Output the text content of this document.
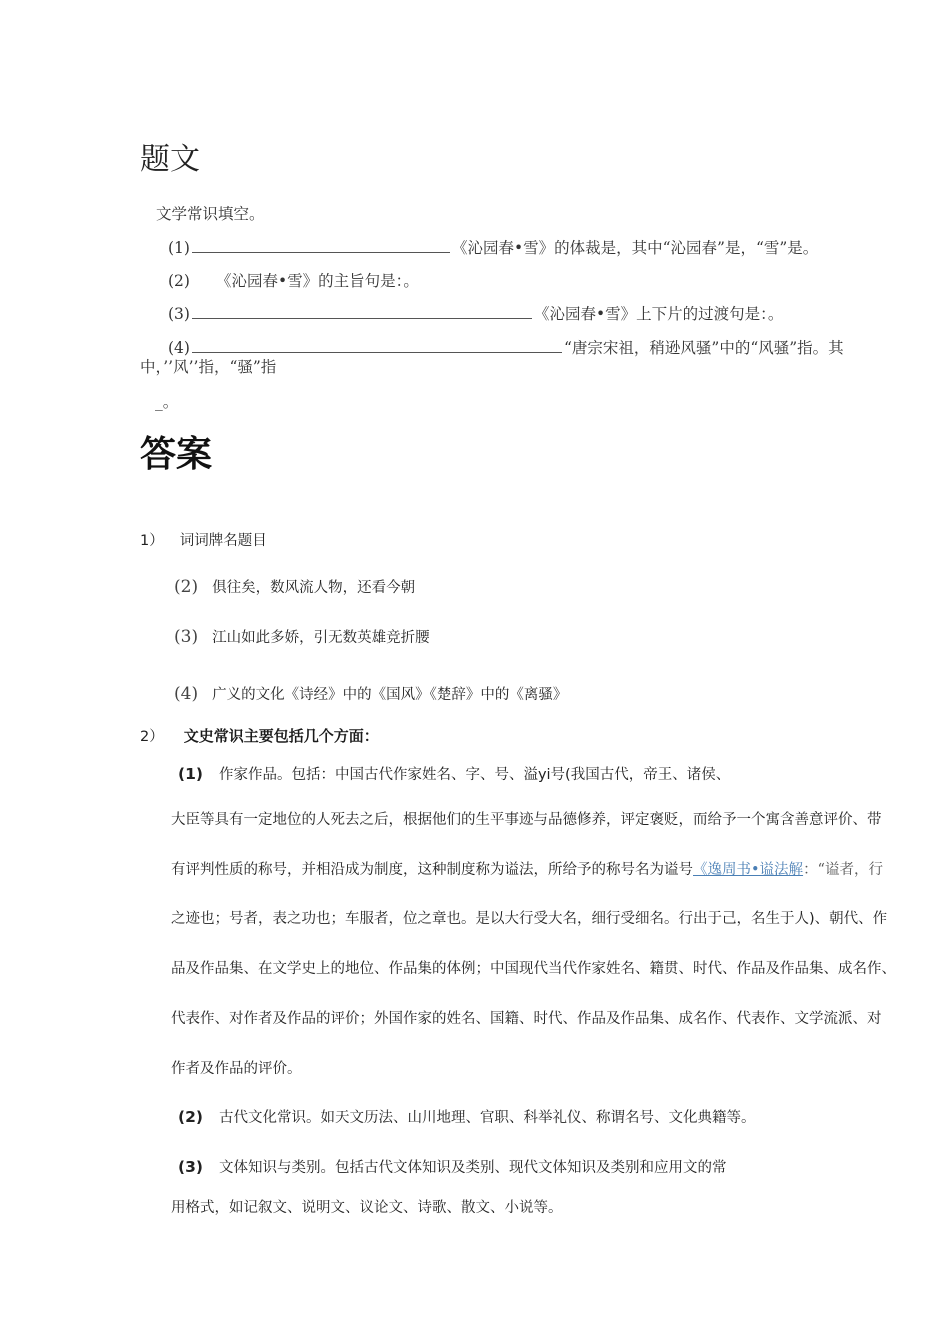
题文
文学常识填空。
(1)	《沁园春•雪》的体裁是，其中“沁园春”是，“雪”是。
(2) 《沁园春•雪》的主旨句是：。
(3)	《沁园春•雪》上下片的过渡句是：。
(4)	“唐宗宋祖，稍逊风骚”中的“风骚”指。其
中，’’风’’指，“骚”指
_。
答案
1） 词词牌名题目
(2) 俱往矣，数风流人物，还看今朝
(3) 江山如此多娇，引无数英雄竞折腰
(4) 广义的文化《诗经》中的《国风》《楚辞》中的《离骚》
2） 文史常识主要包括几个方面：
(1) 作家作品。包括：中国古代作家姓名、字、号、溢yi号(我国古代，帝王、诸侯、
大臣等具有一定地位的人死去之后，根据他们的生平事迹与品德修养，评定褒贬，而给予一个寓含善意评价、带
有评判性质的称号，并相沿成为制度，这种制度称为谥法，所给予的称号名为谥号《逸周书•谥法解：“谥者，行
之迹也；号者，表之功也；车服者，位之章也。是以大行受大名，细行受细名。行出于己，名生于人)、朝代、作
品及作品集、在文学史上的地位、作品集的体例；中国现代当代作家姓名、籍贯、时代、作品及作品集、成名作、
代表作、对作者及作品的评价；外国作家的姓名、国籍、时代、作品及作品集、成名作、代表作、文学流派、对
作者及作品的评价。
(2) 古代文化常识。如天文历法、山川地理、官职、科举礼仪、称谓名号、文化典籍等。
(3) 文体知识与类别。包括古代文体知识及类别、现代文体知识及类别和应用文的常
用格式，如记叙文、说明文、议论文、诗歌、散文、小说等。
